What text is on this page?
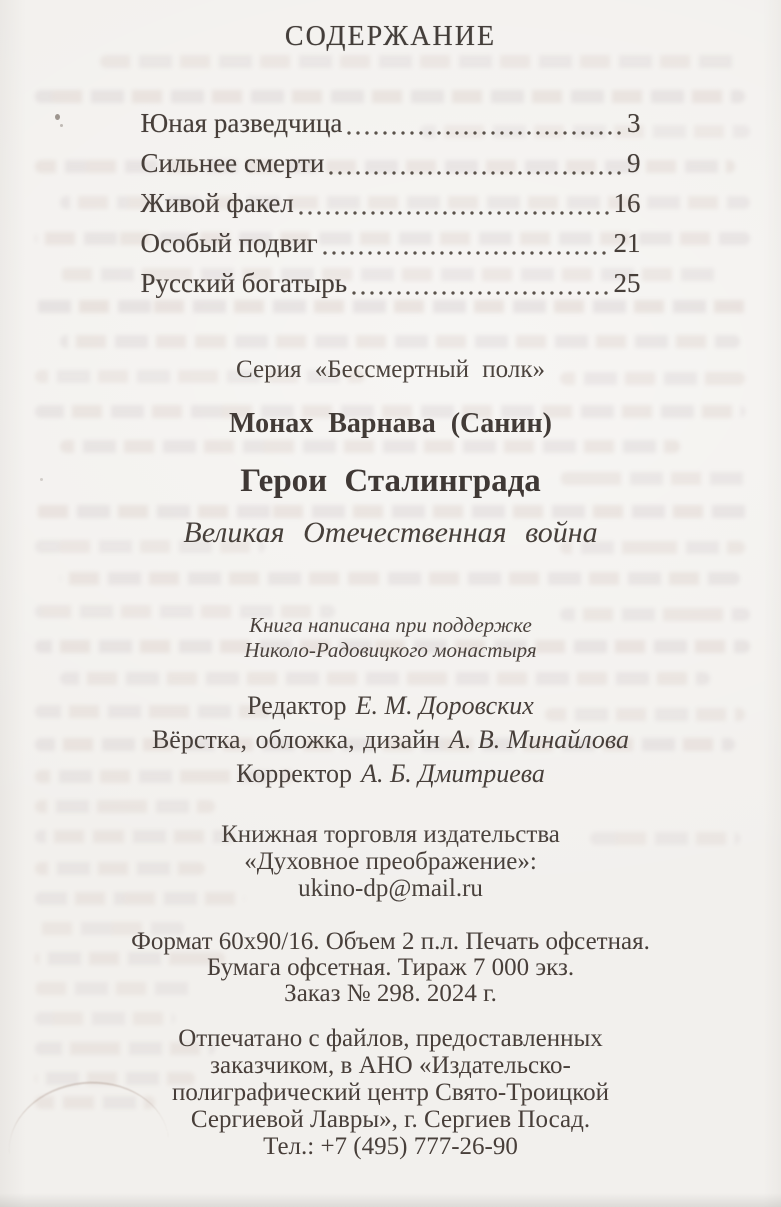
СОДЕРЖАНИЕ
Юная разведчица	3
Сильнее смерти	9
Живой факел	16
Особый подвиг	21
Русский богатырь	25
Серия «Бессмертный полк»
Монах Варнава (Санин)
Герои Сталинграда
Великая Отечественная война
Книга написана при поддержке
Николо-Радовицкого монастыря
Редактор Е. М. Доровских
Вёрстка, обложка, дизайн А. В. Минайлова
Корректор А. Б. Дмитриева
Книжная торговля издательства
«Духовное преображение»:
ukino-dp@mail.ru
Формат 60х90/16. Объем 2 п.л. Печать офсетная.
Бумага офсетная. Тираж 7 000 экз.
Заказ № 298. 2024 г.
Отпечатано с файлов, предоставленных
заказчиком, в АНО «Издательско-
полиграфический центр Свято-Троицкой
Сергиевой Лавры», г. Сергиев Посад.
Тел.: +7 (495) 777-26-90
